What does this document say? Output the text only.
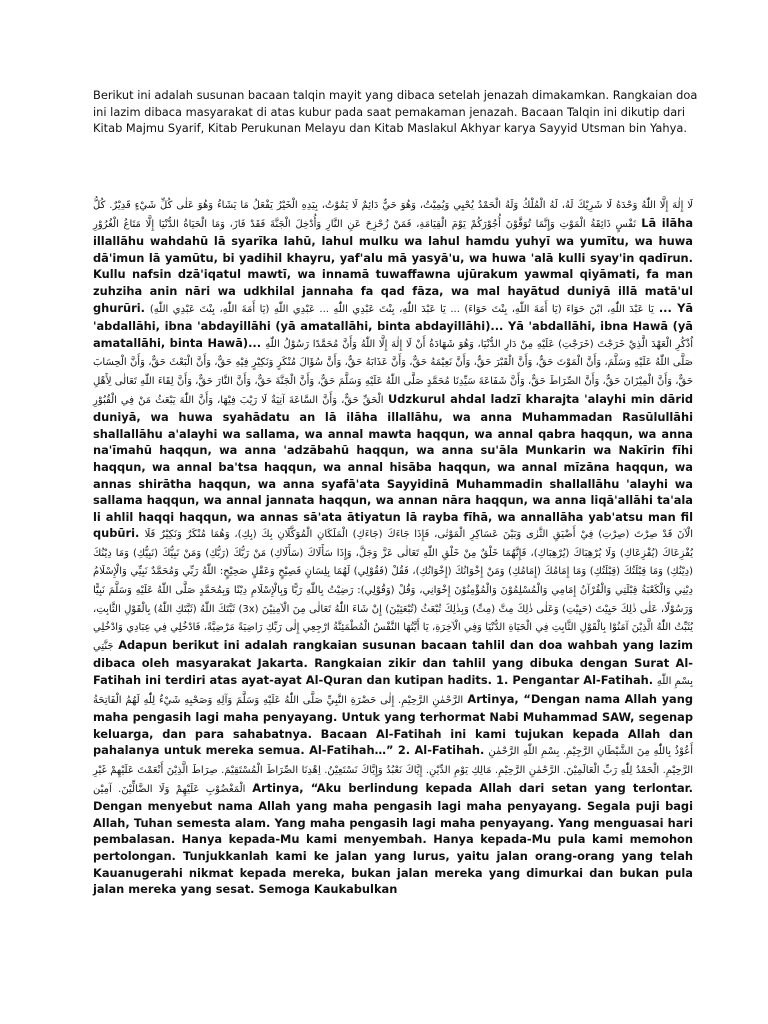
Berikut ini adalah susunan bacaan talqin mayit yang dibaca setelah jenazah dimakamkan. Rangkaian doa ini lazim dibaca masyarakat di atas kubur pada saat pemakaman jenazah. Bacaan Talqin ini dikutip dari Kitab Majmu Syarif, Kitab Perukunan Melayu dan Kitab Maslakul Akhyar karya Sayyid Utsman bin Yahya.

لَا إِلٰهَ إِلَّا اللّٰهُ وَحْدَهُ لَا شَرِيْكَ لَهُ، لَهُ الْمُلْكُ وَلَهُ الْحَمْدُ يُحْيِي وَيُمِيْتُ، وَهُوَ حَيٌّ دَائِمٌ لَا يَمُوْتُ، بِيَدِهِ الْخَيْرُ يَفْعَلُ مَا يَشَاءُ وَهُوَ عَلٰى كُلِّ شَيْءٍ قَدِيْرٌ. كُلُّ نَفْسٍ ذَائِقَةُ الْمَوْتِ وَإِنَّمَا تُوَفَّوْنَ أُجُوْرَكُمْ يَوْمَ الْقِيَامَةِ، فَمَنْ زُحْزِحَ عَنِ النَّارِ وَأُدْخِلَ الْجَنَّةَ فَقَدْ فَازَ، وَمَا الْحَيَاةُ الدُّنْيَا إِلَّا مَتَاعُ الْغُرُوْرِ Lā ilāha illallāhu wahdahū lā syarīka lahū, lahul mulku wa lahul hamdu yuhyī wa yumītu, wa huwa dā'imun lā yamūtu, bi yadihil khayru, yaf'alu mā yasyā'u, wa huwa 'alā kulli syay'in qadīrun. Kullu nafsin dzā'iqatul mawtī, wa innamā tuwaffawna ujūrakum yawmal qiyāmati, fa man zuhziha anin nāri wa udkhilal jannaha fa qad fāza, wa mal hayātud duniyā illā matā'ul ghurūri. يَا عَبْدَ اللّٰهِ، ابْنَ حَوَاءَ (يَا أَمَةَ اللّٰهِ، بِنْتَ حَوَاءَ) ... يَا عَبْدَ اللّٰهِ، بِنْتَ عَبْدِي اللّٰهِ ... عَبْدِي اللّٰهِ (يَا أَمَةَ اللّٰهِ، بِنْتَ عَبْدِي اللّٰهِ) ... Yā 'abdallāhi, ibna 'abdayillāhi (yā amatallāhi, binta abdayillāhi)... Yā 'abdallāhi, ibna Hawā (yā amatallāhi, binta Hawā)... اُذْكُرِ الْعَهْدَ الَّذِيْ خَرَجْتَ (خَرَجْتِ) عَلَيْهِ مِنْ دَارِ الدُّنْيَا، وَهُوَ شَهَادَةُ أَنْ لَا إِلٰهَ إِلَّا اللّٰهُ وَأَنَّ مُحَمَّدًا رَسُوْلُ اللّٰهِ صَلَّى اللّٰهُ عَلَيْهِ وَسَلَّمَ، وَأَنَّ الْمَوْتَ حَقٌّ، وَأَنَّ الْقَبْرَ حَقٌّ، وَأَنَّ نَعِيْمَهُ حَقٌّ، وَأَنَّ عَذَابَهُ حَقٌّ، وَأَنَّ سُؤَالَ مُنْكَرٍ وَنَكِيْرٍ فِيْهِ حَقٌّ، وَأَنَّ الْبَعْثَ حَقٌّ، وَأَنَّ الْحِسَابَ حَقٌّ، وَأَنَّ الْمِيْزَانَ حَقٌّ، وَأَنَّ الصِّرَاطَ حَقٌّ، وَأَنَّ شَفَاعَةَ سَيِّدِنَا مُحَمَّدٍ صَلَّى اللّٰهُ عَلَيْهِ وَسَلَّمَ حَقٌّ، وَأَنَّ الْجَنَّةَ حَقٌّ، وَأَنَّ النَّارَ حَقٌّ، وَأَنَّ لِقَاءَ اللّٰهِ تَعَالٰى لِأَهْلِ الْحَقِّ حَقٌّ، وَأَنَّ السَّاعَةَ آتِيَةٌ لَا رَيْبَ فِيْهَا، وَأَنَّ اللّٰهَ يَبْعَثُ مَنْ فِي الْقُبُوْرِ Udzkurul ahdal ladzī kharajta 'alayhi min dārid duniyā, wa huwa syahādatu an lā ilāha illallāhu, wa anna Muhammadan Rasūlullāhi shallallāhu a'alayhi wa sallama, wa annal mawta haqqun, wa annal qabra haqqun, wa anna na'īmahū haqqun, wa anna 'adzābahū haqqun, wa anna su'āla Munkarin wa Nakīrin fīhi haqqun, wa annal ba'tsa haqqun, wa annal hisāba haqqun, wa annal mīzāna haqqun, wa annas shirātha haqqun, wa anna syafā'ata Sayyidinā Muhammadin shallallāhu 'alayhi wa sallama haqqun, wa annal jannata haqqun, wa annan nāra haqqun, wa anna liqā'allāhi ta'ala li ahlil haqqi haqqun, wa annas sā'ata ātiyatun lā rayba fīhā, wa annallāha yab'atsu man fil qubūri. الْآنَ قَدْ صِرْتَ (صِرْتِ) فِيْ أَضْيَقِ الثَّرٰى وَبَيْنَ عَسَاكِرِ الْمَوْتٰى، فَإِذَا جَاءَكَ (جَاءَكِ) الْمَلَكَانِ الْمُوَكَّلَانِ بِكَ (بِكِ)، وَهُمَا مُنْكَرٌ وَنَكِيْرٌ فَلَا يُفْزِعَاكَ (يُفْزِعَاكِ) وَلَا يُرْهِبَاكَ (يُرْهِبَاكِ)، فَإِنَّهُمَا خَلْقٌ مِنْ خَلْقِ اللّٰهِ تَعَالٰى عَزَّ وَجَلَّ، وَإِذَا سَأَلَاكَ (سَأَلَاكِ) مَنْ رَبُّكَ (رَبُّكِ) وَمَنْ نَبِيُّكَ (نَبِيُّكِ) وَمَا دِيْنُكَ (دِيْنُكِ) وَمَا قِبْلَتُكَ (قِبْلَتُكِ) وَمَا إِمَامُكَ (إِمَامُكِ) وَمَنْ إِخْوَانُكَ (إِخْوَانُكِ)، فَقُلْ (فَقُوْلِي) لَهُمَا بِلِسَانٍ فَصِيْحٍ وَعَقْلٍ صَحِيْحٍ: اللّٰهُ رَبِّي وَمُحَمَّدٌ نَبِيِّي وَالْإِسْلَامُ دِيْنِي وَالْكَعْبَةُ قِبْلَتِي وَالْقُرْآنُ إِمَامِي وَالْمُسْلِمُوْنَ وَالْمُؤْمِنُوْنَ إِخْوَانِي، وَقُلْ (وَقُوْلِي): رَضِيْتُ بِاللّٰهِ رَبًّا وَبِالْإِسْلَامِ دِيْنًا وَبِمُحَمَّدٍ صَلَّى اللّٰهُ عَلَيْهِ وَسَلَّمَ نَبِيًّا وَرَسُوْلًا، عَلٰى ذٰلِكَ حَيِيْتَ (حَيِيْتِ) وَعَلٰى ذٰلِكَ مِتَّ (مِتِّ) وَبِذٰلِكَ تُبْعَثُ (تُبْعَثِيْنَ) إِنْ شَاءَ اللّٰهُ تَعَالٰى مِنَ الْآمِنِيْنَ (3x) ثَبَّتَكَ اللّٰهُ (ثَبَّتَكِ اللّٰهُ) بِالْقَوْلِ الثَّابِتِ، يُثَبِّتُ اللّٰهُ الَّذِيْنَ آمَنُوْا بِالْقَوْلِ الثَّابِتِ فِي الْحَيَاةِ الدُّنْيَا وَفِي الْآخِرَةِ، يَا أَيَّتُهَا النَّفْسُ الْمُطْمَئِنَّةُ ارْجِعِي إِلٰى رَبِّكِ رَاضِيَةً مَرْضِيَّةً، فَادْخُلِي فِي عِبَادِي وَادْخُلِي جَنَّتِي Adapun berikut ini adalah rangkaian susunan bacaan tahlil dan doa wahbah yang lazim dibaca oleh masyarakat Jakarta. Rangkaian zikir dan tahlil yang dibuka dengan Surat Al-Fatihah ini terdiri atas ayat-ayat Al-Quran dan kutipan hadits. 1. Pengantar Al-Fatihah. بِسْمِ اللّٰهِ الرَّحْمٰنِ الرَّحِيْمِ. إِلٰى حَضْرَةِ النَّبِيِّ صَلَّى اللّٰهُ عَلَيْهِ وَسَلَّمَ وَآلِهِ وَصَحْبِهِ شَيْءٌ لِلّٰهِ لَهُمُ الْفَاتِحَةُ Artinya, “Dengan nama Allah yang maha pengasih lagi maha penyayang. Untuk yang terhormat Nabi Muhammad SAW, segenap keluarga, dan para sahabatnya. Bacaan Al-Fatihah ini kami tujukan kepada Allah dan pahalanya untuk mereka semua. Al-Fatihah…” 2. Al-Fatihah. أَعُوْذُ بِاللّٰهِ مِنَ الشَّيْطَانِ الرَّجِيْمِ. بِسْمِ اللّٰهِ الرَّحْمٰنِ الرَّحِيْمِ. الْحَمْدُ لِلّٰهِ رَبِّ الْعَالَمِيْنَ. الرَّحْمٰنِ الرَّحِيْمِ. مَالِكِ يَوْمِ الدِّيْنِ. إِيَّاكَ نَعْبُدُ وَإِيَّاكَ نَسْتَعِيْنُ. اِهْدِنَا الصِّرَاطَ الْمُسْتَقِيْمَ. صِرَاطَ الَّذِيْنَ أَنْعَمْتَ عَلَيْهِمْ غَيْرِ الْمَغْضُوْبِ عَلَيْهِمْ وَلَا الضَّالِّيْنَ. آمِيْن Artinya, “Aku berlindung kepada Allah dari setan yang terlontar. Dengan menyebut nama Allah yang maha pengasih lagi maha penyayang. Segala puji bagi Allah, Tuhan semesta alam. Yang maha pengasih lagi maha penyayang. Yang menguasai hari pembalasan. Hanya kepada-Mu kami menyembah. Hanya kepada-Mu pula kami memohon pertolongan. Tunjukkanlah kami ke jalan yang lurus, yaitu jalan orang-orang yang telah Kauanugerahi nikmat kepada mereka, bukan jalan mereka yang dimurkai dan bukan pula jalan mereka yang sesat. Semoga Kaukabulkan
